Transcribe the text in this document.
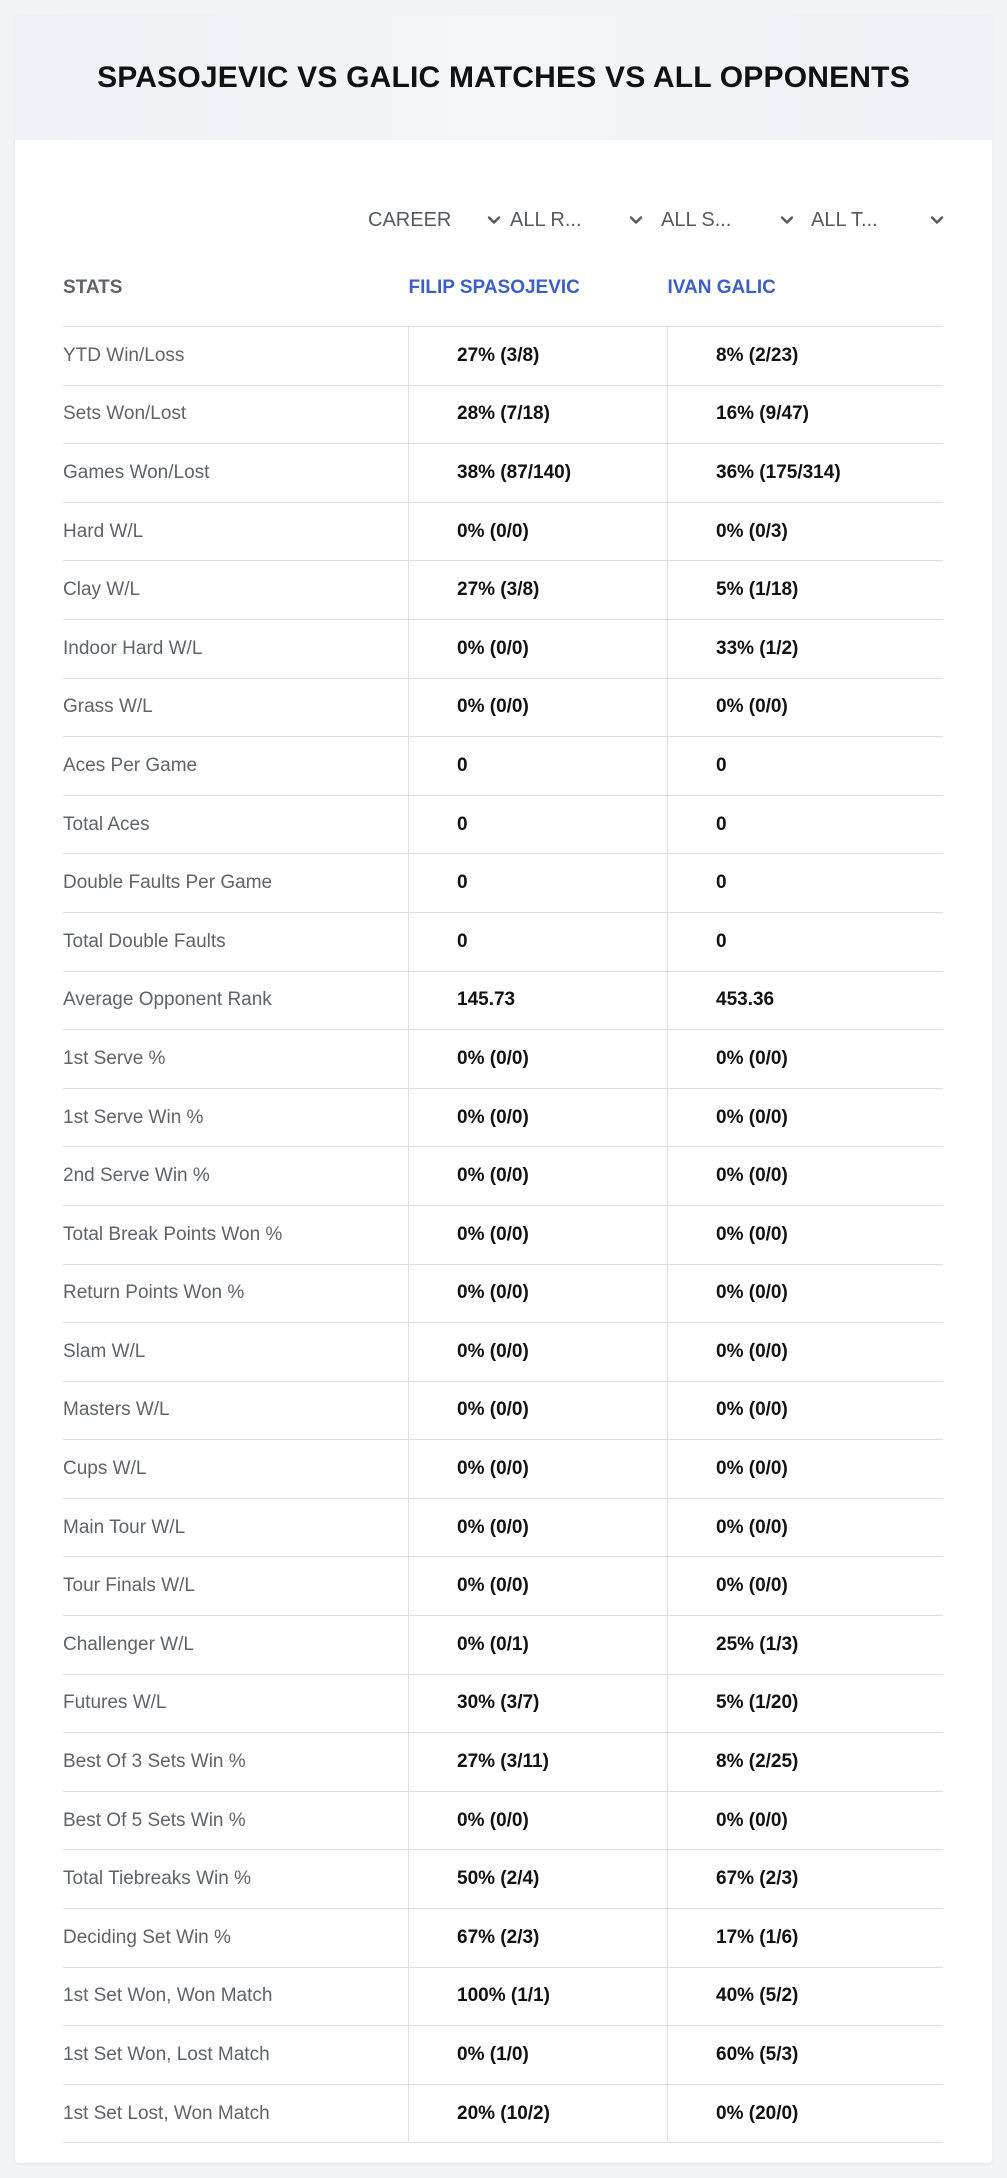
SPASOJEVIC VS GALIC MATCHES VS ALL OPPONENTS
CAREER	ALL R...	ALL S...	ALL T...
STATS	FILIP SPASOJEVIC	IVAN GALIC
YTD Win/Loss	27% (3/8)	8% (2/23)
Sets Won/Lost	28% (7/18)	16% (9/47)
Games Won/Lost	38% (87/140)	36% (175/314)
Hard W/L	0% (0/0)	0% (0/3)
Clay W/L	27% (3/8)	5% (1/18)
Indoor Hard W/L	0% (0/0)	33% (1/2)
Grass W/L	0% (0/0)	0% (0/0)
Aces Per Game	0	0
Total Aces	0	0
Double Faults Per Game	0	0
Total Double Faults	0	0
Average Opponent Rank	145.73	453.36
1st Serve %	0% (0/0)	0% (0/0)
1st Serve Win %	0% (0/0)	0% (0/0)
2nd Serve Win %	0% (0/0)	0% (0/0)
Total Break Points Won %	0% (0/0)	0% (0/0)
Return Points Won %	0% (0/0)	0% (0/0)
Slam W/L	0% (0/0)	0% (0/0)
Masters W/L	0% (0/0)	0% (0/0)
Cups W/L	0% (0/0)	0% (0/0)
Main Tour W/L	0% (0/0)	0% (0/0)
Tour Finals W/L	0% (0/0)	0% (0/0)
Challenger W/L	0% (0/1)	25% (1/3)
Futures W/L	30% (3/7)	5% (1/20)
Best Of 3 Sets Win %	27% (3/11)	8% (2/25)
Best Of 5 Sets Win %	0% (0/0)	0% (0/0)
Total Tiebreaks Win %	50% (2/4)	67% (2/3)
Deciding Set Win %	67% (2/3)	17% (1/6)
1st Set Won, Won Match	100% (1/1)	40% (5/2)
1st Set Won, Lost Match	0% (1/0)	60% (5/3)
1st Set Lost, Won Match	20% (10/2)	0% (20/0)
